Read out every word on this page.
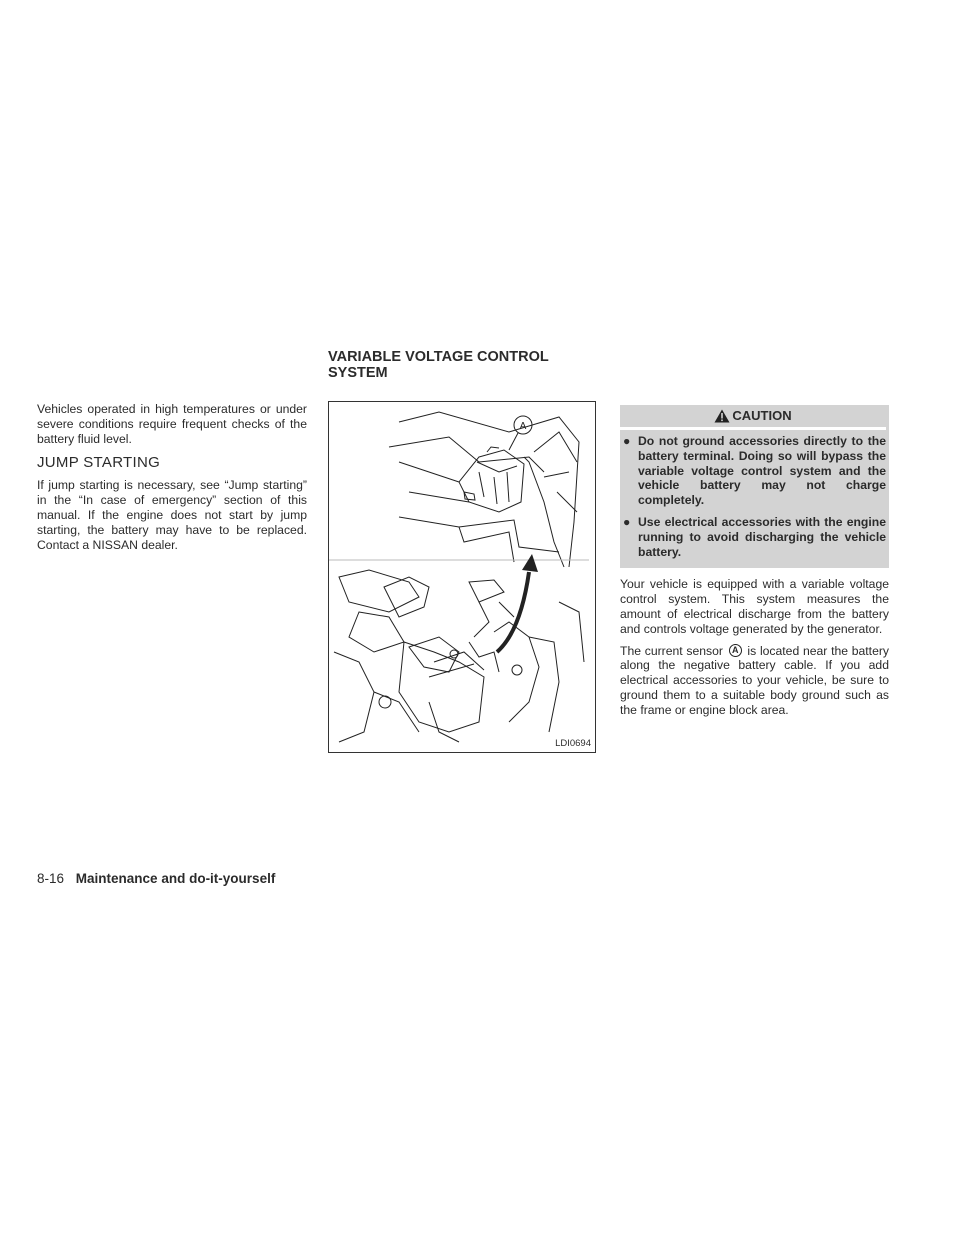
Vehicles operated in high temperatures or under severe conditions require frequent checks of the battery fluid level.

JUMP STARTING

If jump starting is necessary, see “Jump starting” in the “In case of emergency” section of this manual. If the engine does not start by jump starting, the battery may have to be replaced. Contact a NISSAN dealer.

VARIABLE VOLTAGE CONTROL SYSTEM
A
LDI0694
CAUTION
● Do not ground accessories directly to the battery terminal. Doing so will bypass the variable voltage control system and the vehicle battery may not charge completely.
● Use electrical accessories with the engine running to avoid discharging the vehicle battery.

Your vehicle is equipped with a variable voltage control system. This system measures the amount of electrical discharge from the battery and controls voltage generated by the generator.

The current sensor A is located near the battery along the negative battery cable. If you add electrical accessories to your vehicle, be sure to ground them to a suitable body ground such as the frame or engine block area.

8-16 Maintenance and do-it-yourself
